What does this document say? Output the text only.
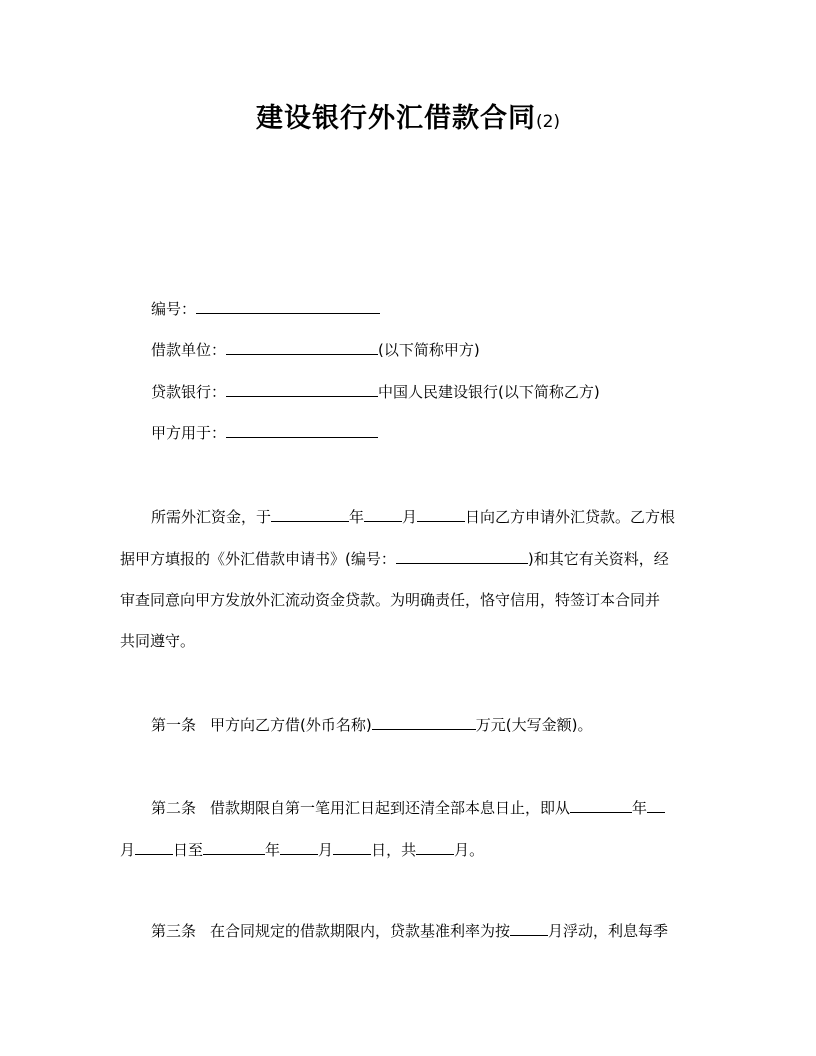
建设银行外汇借款合同(2)
编号：
借款单位：	(以下简称甲方)
贷款银行：	中国人民建设银行(以下简称乙方)
甲方用于：
所需外汇资金，于	年	月	日向乙方申请外汇贷款。乙方根
据甲方填报的《外汇借款申请书》(编号：	)和其它有关资料，经
审查同意向甲方发放外汇流动资金贷款。为明确责任，恪守信用，特签订本合同并
共同遵守。
第一条 甲方向乙方借(外币名称)	万元(大写金额)。
第二条 借款期限自第一笔用汇日起到还清全部本息日止，即从	年
月	日至	年	月	日，共	月。
第三条 在合同规定的借款期限内，贷款基准利率为按	月浮动，利息每季
